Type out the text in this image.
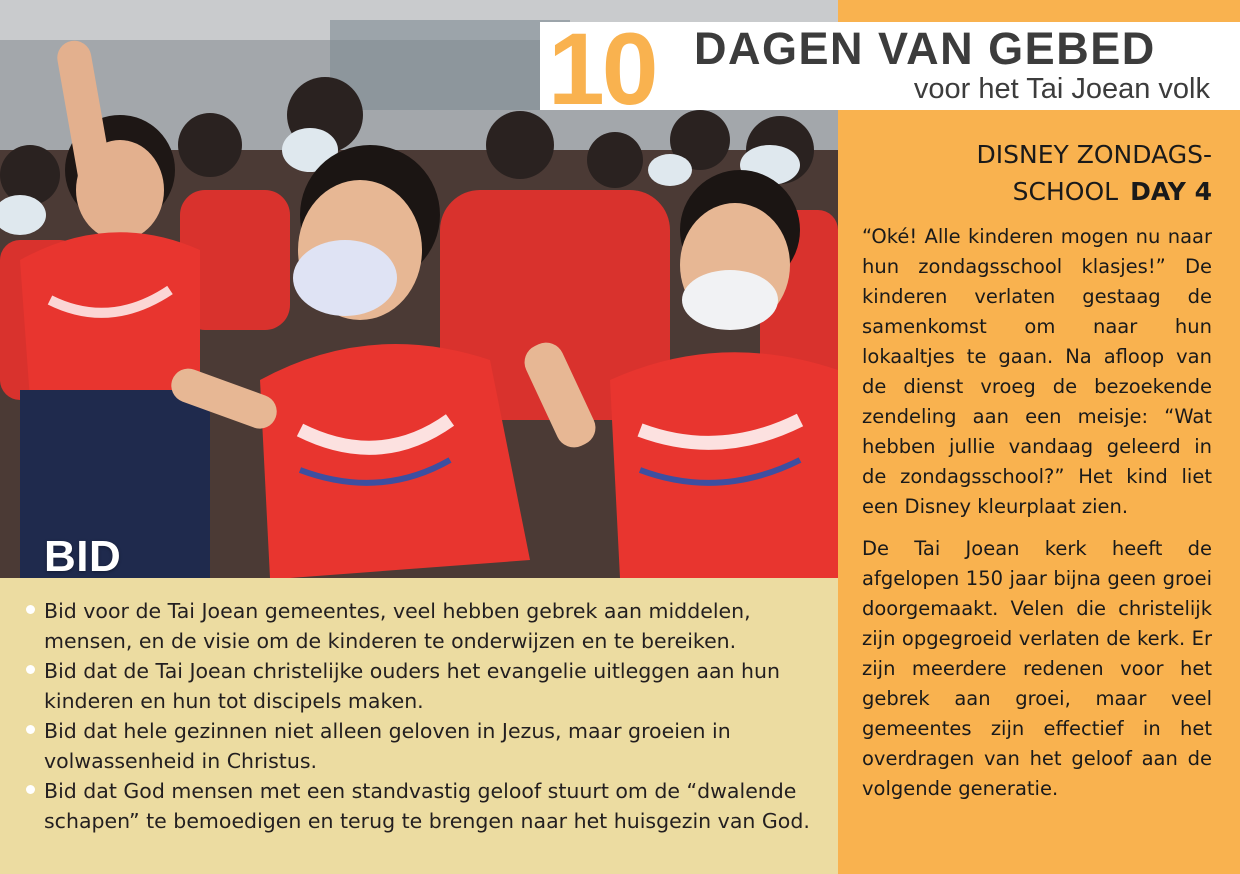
BID
Bid voor de Tai Joean gemeentes, veel hebben gebrek aan middelen, mensen, en de visie om de kinderen te onderwijzen en te bereiken.
Bid dat de Tai Joean christelijke ouders het evangelie uitleggen aan hun kinderen en hun tot discipels maken.
Bid dat hele gezinnen niet alleen geloven in Jezus, maar groeien in volwassenheid in Christus.
Bid dat God mensen met een standvastig geloof stuurt om de “dwalende schapen” te bemoedigen en terug te brengen naar het huisgezin van God.
10 DAGEN VAN GEBED
voor het Tai Joean volk
DISNEY ZONDAGS-
SCHOOL DAY 4

“Oké! Alle kinderen mogen nu naar hun zondagsschool klasjes!” De kinderen verlaten gestaag de samenkomst om naar hun lokaaltjes te gaan. Na afloop van de dienst vroeg de bezoekende zendeling aan een meisje: “Wat hebben jullie vandaag geleerd in de zondagsschool?” Het kind liet een Disney kleurplaat zien.

De Tai Joean kerk heeft de afgelopen 150 jaar bijna geen groei doorgemaakt. Velen die christelijk zijn opgegroeid verlaten de kerk. Er zijn meerdere redenen voor het gebrek aan groei, maar veel gemeentes zijn effectief in het overdragen van het geloof aan de volgende generatie.
